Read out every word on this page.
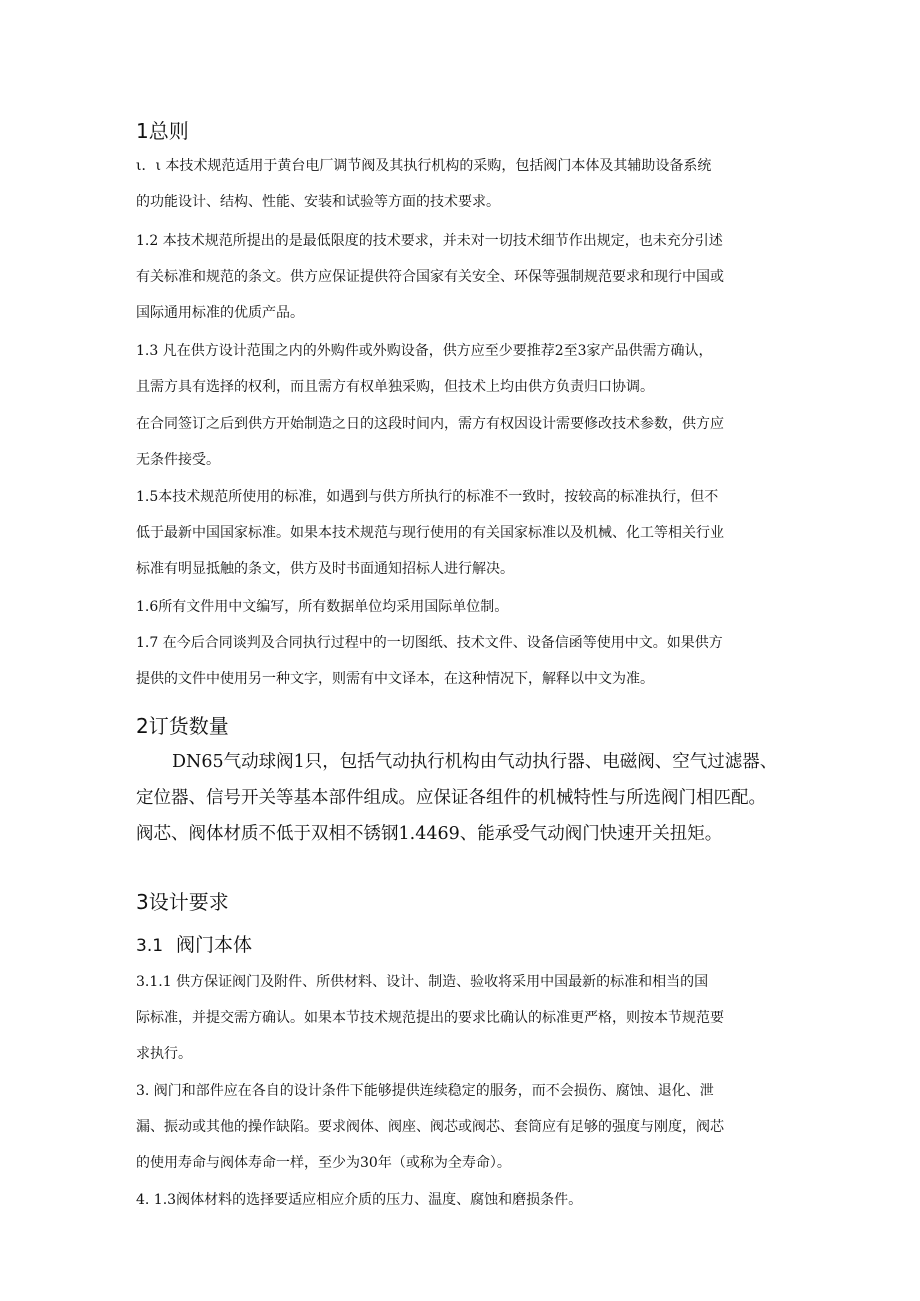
1总则
ι．ι 本技术规范适用于黄台电厂调节阀及其执行机构的采购，包括阀门本体及其辅助设备系统
的功能设计、结构、性能、安装和试验等方面的技术要求。
1.2 本技术规范所提出的是最低限度的技术要求，并未对一切技术细节作出规定，也未充分引述
有关标准和规范的条文。供方应保证提供符合国家有关安全、环保等强制规范要求和现行中国或
国际通用标准的优质产品。
1.3 凡在供方设计范围之内的外购件或外购设备，供方应至少要推荐2至3家产品供需方确认，
且需方具有选择的权利，而且需方有权单独采购，但技术上均由供方负责归口协调。
在合同签订之后到供方开始制造之日的这段时间内，需方有权因设计需要修改技术参数，供方应
无条件接受。
1.5本技术规范所使用的标准，如遇到与供方所执行的标准不一致时，按较高的标准执行，但不
低于最新中国国家标准。如果本技术规范与现行使用的有关国家标准以及机械、化工等相关行业
标准有明显抵触的条文，供方及时书面通知招标人进行解决。
1.6所有文件用中文编写，所有数据单位均采用国际单位制。
1.7 在今后合同谈判及合同执行过程中的一切图纸、技术文件、设备信函等使用中文。如果供方
提供的文件中使用另一种文字，则需有中文译本，在这种情况下，解释以中文为准。
2订货数量
DN65气动球阀1只，包括气动执行机构由气动执行器、电磁阀、空气过滤器、
定位器、信号开关等基本部件组成。应保证各组件的机械特性与所选阀门相匹配。
阀芯、阀体材质不低于双相不锈钢1.4469、能承受气动阀门快速开关扭矩。
3设计要求
3.1 阀门本体
3.1.1 供方保证阀门及附件、所供材料、设计、制造、验收将采用中国最新的标准和相当的国
际标准，并提交需方确认。如果本节技术规范提出的要求比确认的标准更严格，则按本节规范要
求执行。
3. 阀门和部件应在各自的设计条件下能够提供连续稳定的服务，而不会损伤、腐蚀、退化、泄
漏、振动或其他的操作缺陷。要求阀体、阀座、阀芯或阀芯、套筒应有足够的强度与刚度，阀芯
的使用寿命与阀体寿命一样，至少为30年（或称为全寿命）。
4. 1.3阀体材料的选择要适应相应介质的压力、温度、腐蚀和磨损条件。
